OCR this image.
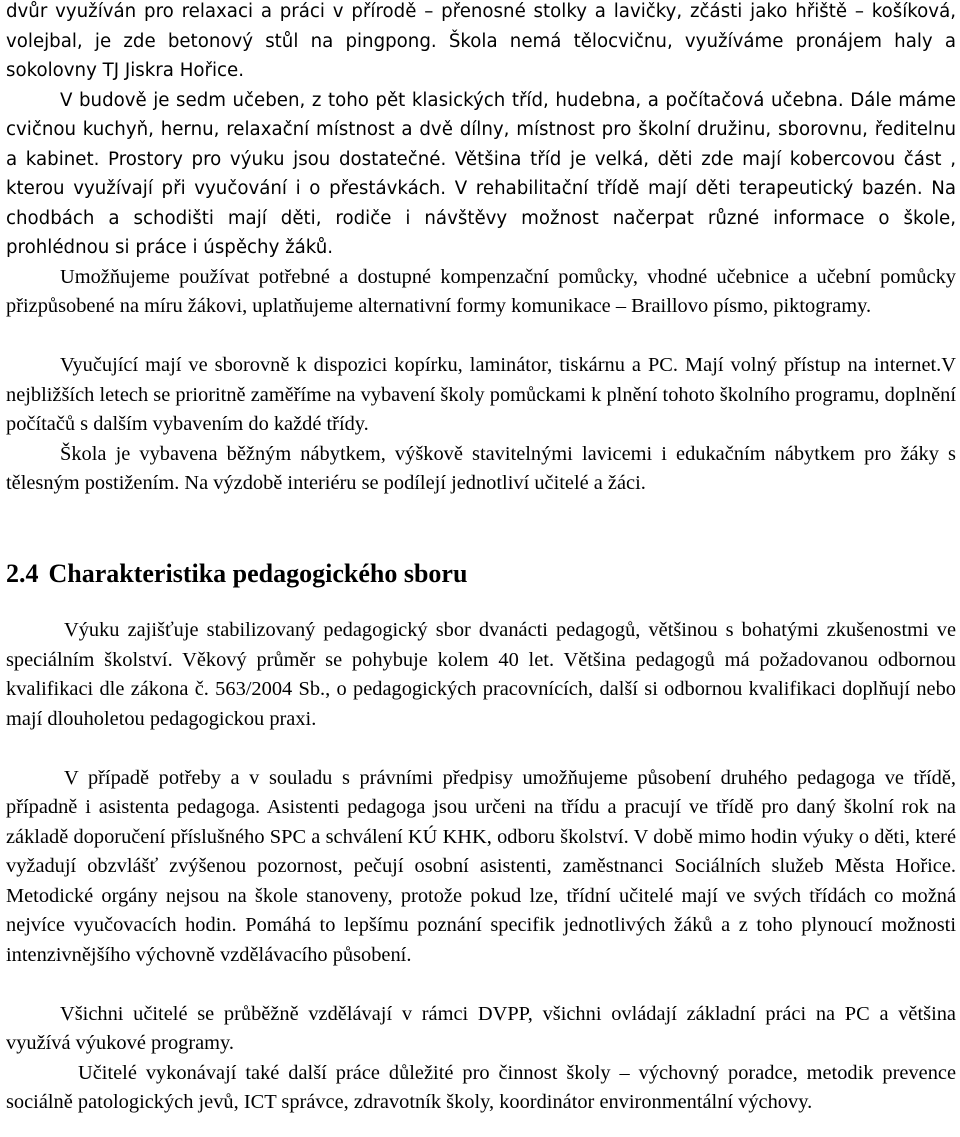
dvůr využíván pro relaxaci a práci v přírodě – přenosné stolky a lavičky, zčásti jako hřiště – košíková, volejbal, je zde betonový stůl na pingpong. Škola nemá tělocvičnu, využíváme pronájem haly a sokolovny TJ Jiskra Hořice.

V budově je sedm učeben, z toho pět klasických tříd, hudebna, a počítačová učebna. Dále máme cvičnou kuchyň, hernu, relaxační místnost a dvě dílny, místnost pro školní družinu, sborovnu, ředitelnu a kabinet. Prostory pro výuku jsou dostatečné. Většina tříd je velká, děti zde mají kobercovou část , kterou využívají při vyučování i o přestávkách. V rehabilitační třídě mají děti terapeutický bazén. Na chodbách a schodišti mají děti, rodiče i návštěvy možnost načerpat různé informace o škole, prohlédnou si práce i úspěchy žáků.

Umožňujeme používat potřebné a dostupné kompenzační pomůcky, vhodné učebnice a učební pomůcky přizpůsobené na míru žákovi, uplatňujeme alternativní formy komunikace – Braillovo písmo, piktogramy.

Vyučující mají ve sborovně k dispozici kopírku, laminátor, tiskárnu a PC. Mají volný přístup na internet.V nejbližších letech se prioritně zaměříme na vybavení školy pomůckami k plnění tohoto školního programu, doplnění počítačů s dalším vybavením do každé třídy.

Škola je vybavena běžným nábytkem, výškově stavitelnými lavicemi i edukačním nábytkem pro žáky s tělesným postižením. Na výzdobě interiéru se podílejí jednotliví učitelé a žáci.

2.4 Charakteristika pedagogického sboru

Výuku zajišťuje stabilizovaný pedagogický sbor dvanácti pedagogů, většinou s bohatými zkušenostmi ve speciálním školství. Věkový průměr se pohybuje kolem 40 let. Většina pedagogů má požadovanou odbornou kvalifikaci dle zákona č. 563/2004 Sb., o pedagogických pracovnících, další si odbornou kvalifikaci doplňují nebo mají dlouholetou pedagogickou praxi.

V případě potřeby a v souladu s právními předpisy umožňujeme působení druhého pedagoga ve třídě, případně i asistenta pedagoga. Asistenti pedagoga jsou určeni na třídu a pracují ve třídě pro daný školní rok na základě doporučení příslušného SPC a schválení KÚ KHK, odboru školství. V době mimo hodin výuky o děti, které vyžadují obzvlášť zvýšenou pozornost, pečují osobní asistenti, zaměstnanci Sociálních služeb Města Hořice. Metodické orgány nejsou na škole stanoveny, protože pokud lze, třídní učitelé mají ve svých třídách co možná nejvíce vyučovacích hodin. Pomáhá to lepšímu poznání specifik jednotlivých žáků a z toho plynoucí možnosti intenzivnějšího výchovně vzdělávacího působení.

Všichni učitelé se průběžně vzdělávají v rámci DVPP, všichni ovládají základní práci na PC a většina využívá výukové programy.

Učitelé vykonávají také další práce důležité pro činnost školy – výchovný poradce, metodik prevence sociálně patologických jevů, ICT správce, zdravotník školy, koordinátor environmentální výchovy.
